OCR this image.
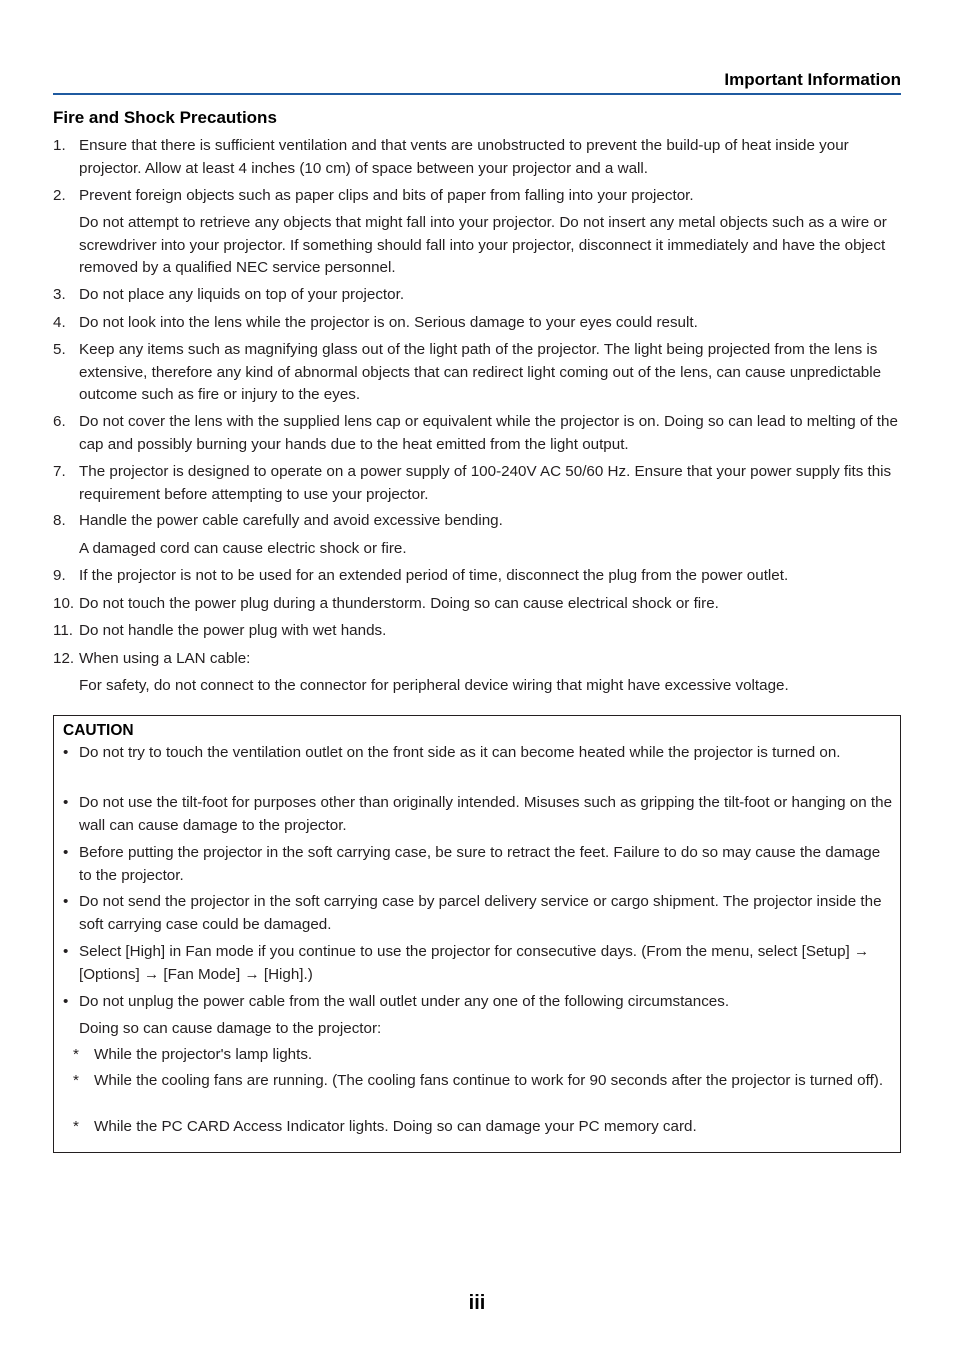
Important Information
Fire and Shock Precautions
1. Ensure that there is sufficient ventilation and that vents are unobstructed to prevent the build-up of heat inside your projector. Allow at least 4 inches (10 cm) of space between your projector and a wall.
2. Prevent foreign objects such as paper clips and bits of paper from falling into your projector.
Do not attempt to retrieve any objects that might fall into your projector. Do not insert any metal objects such as a wire or screwdriver into your projector. If something should fall into your projector, disconnect it immediately and have the object removed by a qualified NEC service personnel.
3. Do not place any liquids on top of your projector.
4. Do not look into the lens while the projector is on. Serious damage to your eyes could result.
5. Keep any items such as magnifying glass out of the light path of the projector. The light being projected from the lens is extensive, therefore any kind of abnormal objects that can redirect light coming out of the lens, can cause unpredictable outcome such as fire or injury to the eyes.
6. Do not cover the lens with the supplied lens cap or equivalent while the projector is on. Doing so can lead to melting of the cap and possibly burning your hands due to the heat emitted from the light output.
7. The projector is designed to operate on a power supply of 100-240V AC 50/60 Hz. Ensure that your power supply fits this requirement before attempting to use your projector.
8. Handle the power cable carefully and avoid excessive bending.
A damaged cord can cause electric shock or fire.
9. If the projector is not to be used for an extended period of time, disconnect the plug from the power outlet.
10. Do not touch the power plug during a thunderstorm. Doing so can cause electrical shock or fire.
11. Do not handle the power plug with wet hands.
12. When using a LAN cable:
For safety, do not connect to the connector for peripheral device wiring that might have excessive voltage.
CAUTION
• Do not try to touch the ventilation outlet on the front side as it can become heated while the projector is turned on.
• Do not use the tilt-foot for purposes other than originally intended. Misuses such as gripping the tilt-foot or hanging on the wall can cause damage to the projector.
• Before putting the projector in the soft carrying case, be sure to retract the feet. Failure to do so may cause the damage to the projector.
• Do not send the projector in the soft carrying case by parcel delivery service or cargo shipment. The projector inside the soft carrying case could be damaged.
• Select [High] in Fan mode if you continue to use the projector for consecutive days. (From the menu, select [Setup] → [Options] → [Fan Mode] → [High].)
• Do not unplug the power cable from the wall outlet under any one of the following circumstances.
Doing so can cause damage to the projector:
* While the projector's lamp lights.
* While the cooling fans are running. (The cooling fans continue to work for 90 seconds after the projector is turned off).
* While the PC CARD Access Indicator lights. Doing so can damage your PC memory card.
iii
